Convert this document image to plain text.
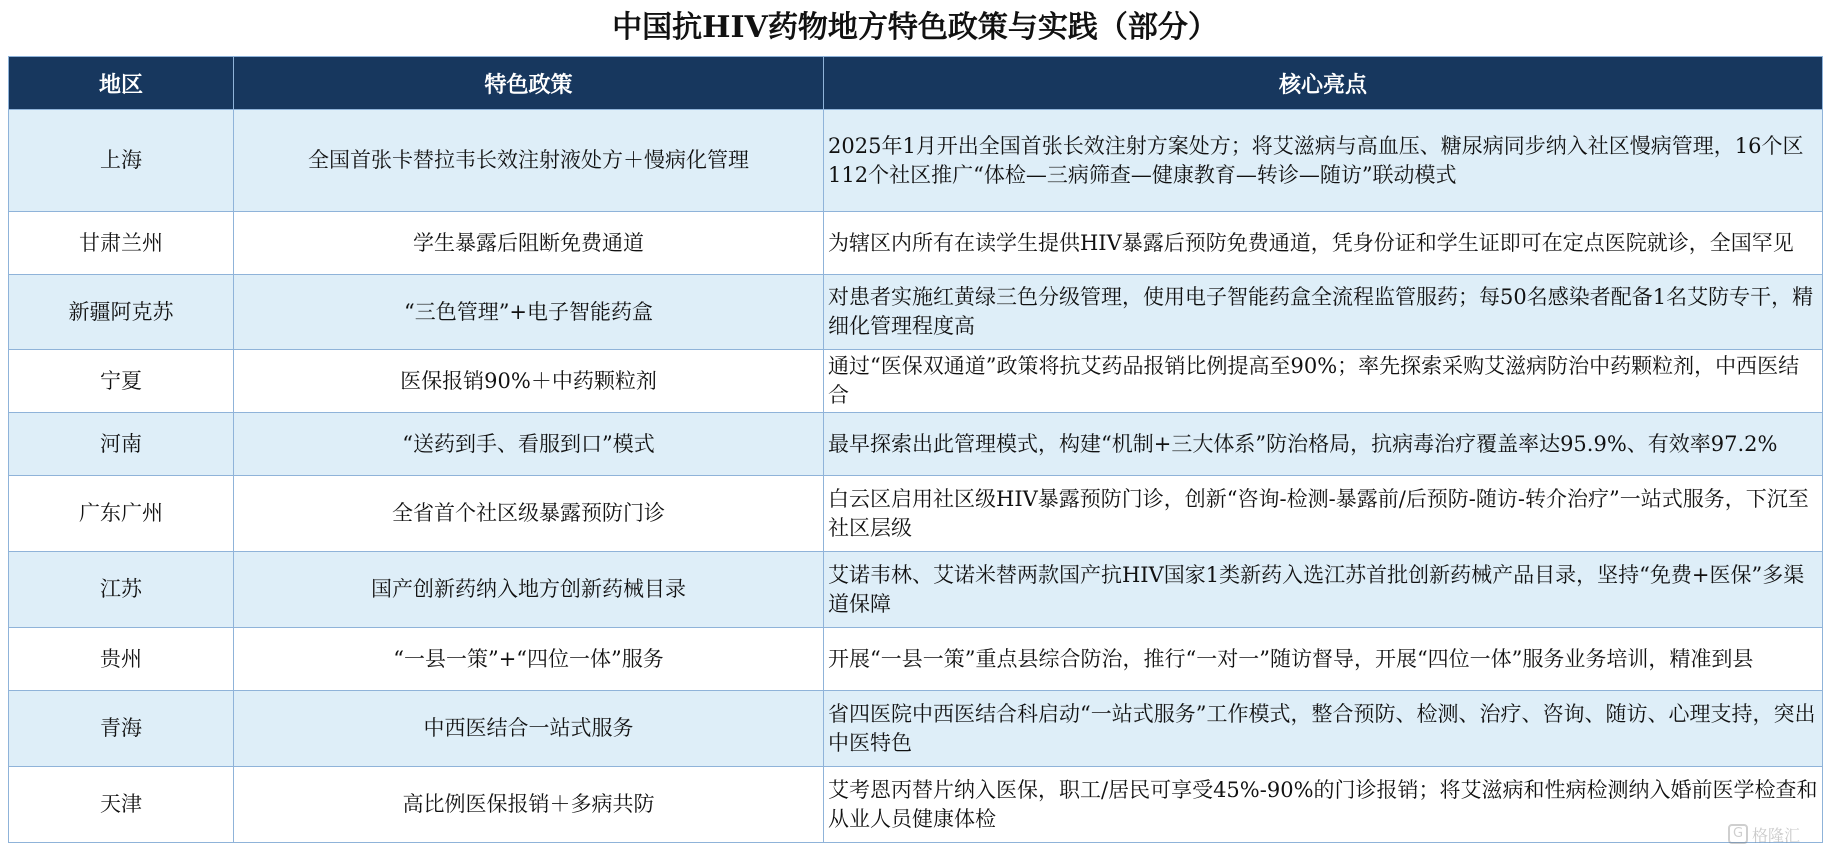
中国抗HIV药物地方特色政策与实践（部分）
地区	特色政策	核心亮点
上海	全国首张卡替拉韦长效注射液处方＋慢病化管理	2025年1月开出全国首张长效注射方案处方；将艾滋病与高血压、糖尿病同步纳入社区慢病管理，16个区112个社区推广“体检—三病筛查—健康教育—转诊—随访”联动模式
甘肃兰州	学生暴露后阻断免费通道	为辖区内所有在读学生提供HIV暴露后预防免费通道，凭身份证和学生证即可在定点医院就诊，全国罕见
新疆阿克苏	“三色管理”+电子智能药盒	对患者实施红黄绿三色分级管理，使用电子智能药盒全流程监管服药；每50名感染者配备1名艾防专干，精细化管理程度高
宁夏	医保报销90%＋中药颗粒剂	通过“医保双通道”政策将抗艾药品报销比例提高至90%；率先探索采购艾滋病防治中药颗粒剂，中西医结合
河南	“送药到手、看服到口”模式	最早探索出此管理模式，构建“机制+三大体系”防治格局，抗病毒治疗覆盖率达95.9%、有效率97.2%
广东广州	全省首个社区级暴露预防门诊	白云区启用社区级HIV暴露预防门诊，创新“咨询-检测-暴露前/后预防-随访-转介治疗”一站式服务，下沉至社区层级
江苏	国产创新药纳入地方创新药械目录	艾诺韦林、艾诺米替两款国产抗HIV国家1类新药入选江苏首批创新药械产品目录，坚持“免费+医保”多渠道保障
贵州	“一县一策”+“四位一体”服务	开展“一县一策”重点县综合防治，推行“一对一”随访督导，开展“四位一体”服务业务培训，精准到县
青海	中西医结合一站式服务	省四医院中西医结合科启动“一站式服务”工作模式，整合预防、检测、治疗、咨询、随访、心理支持，突出中医特色
天津	高比例医保报销＋多病共防	艾考恩丙替片纳入医保，职工/居民可享受45%-90%的门诊报销；将艾滋病和性病检测纳入婚前医学检查和从业人员健康体检
G 格隆汇
